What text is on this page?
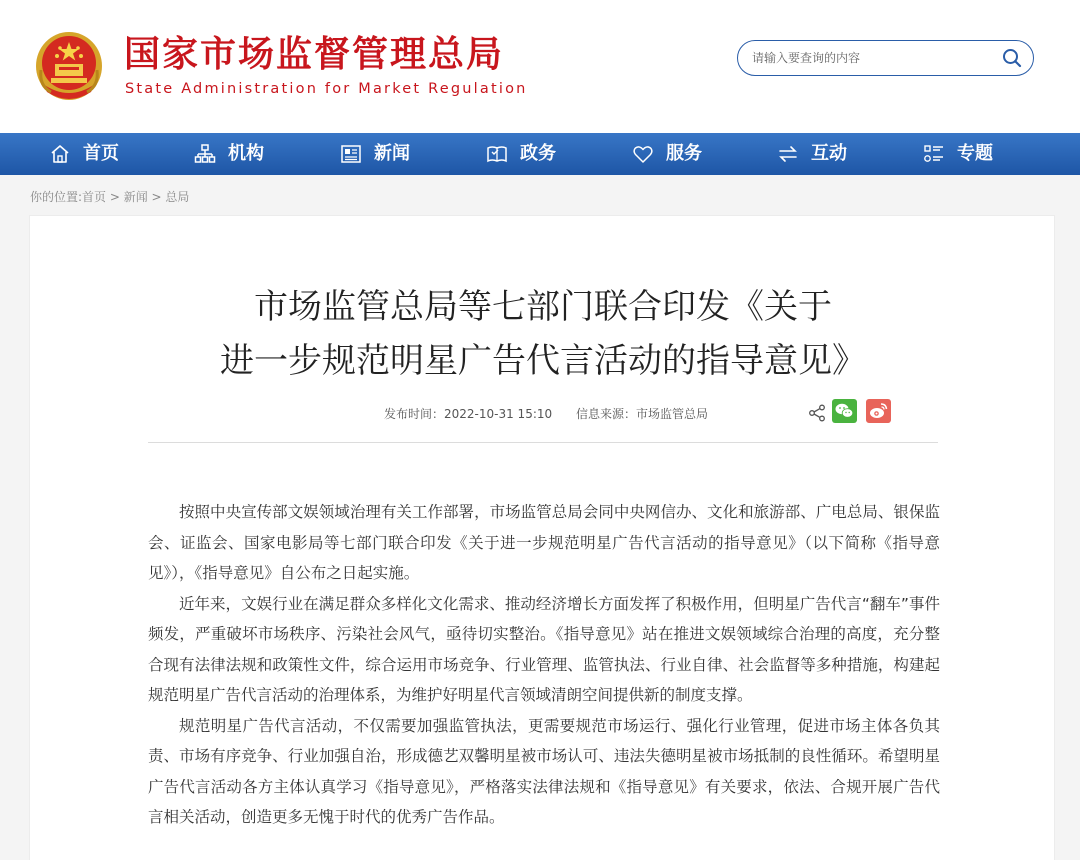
国家市场监督管理总局
State Administration for Market Regulation
请输入要查询的内容
首页	机构	新闻	政务	服务	互动	专题
你的位置:首页 > 新闻 > 总局
市场监管总局等七部门联合印发《关于
进一步规范明星广告代言活动的指导意见》
发布时间：2022-10-31 15:10 信息来源：市场监管总局

按照中央宣传部文娱领域治理有关工作部署，市场监管总局会同中央网信办、文化和旅游部、广电总局、银保监会、证监会、国家电影局等七部门联合印发《关于进一步规范明星广告代言活动的指导意见》（以下简称《指导意见》），《指导意见》自公布之日起实施。

近年来，文娱行业在满足群众多样化文化需求、推动经济增长方面发挥了积极作用，但明星广告代言“翻车”事件频发，严重破坏市场秩序、污染社会风气，亟待切实整治。《指导意见》站在推进文娱领域综合治理的高度，充分整合现有法律法规和政策性文件，综合运用市场竞争、行业管理、监管执法、行业自律、社会监督等多种措施，构建起规范明星广告代言活动的治理体系，为维护好明星代言领域清朗空间提供新的制度支撑。

规范明星广告代言活动，不仅需要加强监管执法，更需要规范市场运行、强化行业管理，促进市场主体各负其责、市场有序竞争、行业加强自治，形成德艺双馨明星被市场认可、违法失德明星被市场抵制的良性循环。希望明星广告代言活动各方主体认真学习《指导意见》，严格落实法律法规和《指导意见》有关要求，依法、合规开展广告代言相关活动，创造更多无愧于时代的优秀广告作品。
